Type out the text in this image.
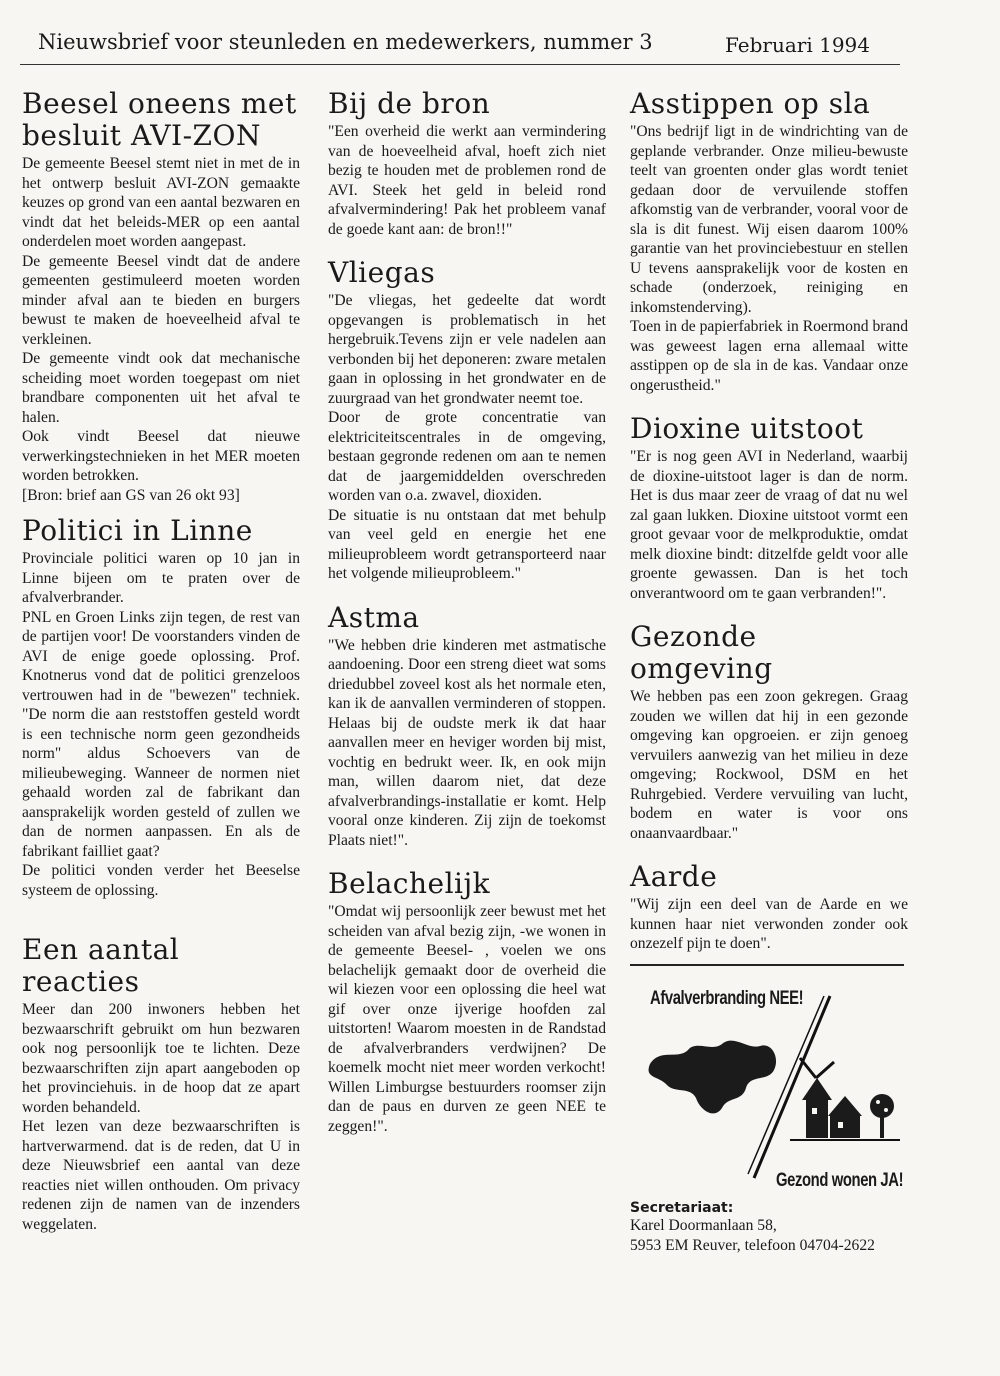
Nieuwsbrief voor steunleden en medewerkers, nummer 3	Februari 1994
Beesel oneens met besluit AVI-ZON

De gemeente Beesel stemt niet in met de in het ontwerp besluit AVI-ZON gemaakte keuzes op grond van een aantal bezwaren en vindt dat het beleids-MER op een aantal onderdelen moet worden aangepast.
De gemeente Beesel vindt dat de andere gemeenten gestimuleerd moeten worden minder afval aan te bieden en burgers bewust te maken de hoeveelheid afval te verkleinen.
De gemeente vindt ook dat mechanische scheiding moet worden toegepast om niet brandbare componenten uit het afval te halen.
Ook vindt Beesel dat nieuwe verwerkingstechnieken in het MER moeten worden betrokken.
[Bron: brief aan GS van 26 okt 93]

Politici in Linne

Provinciale politici waren op 10 jan in Linne bijeen om te praten over de afvalverbrander.
PNL en Groen Links zijn tegen, de rest van de partijen voor! De voorstanders vinden de AVI de enige goede oplossing. Prof. Knotnerus vond dat de politici grenzeloos vertrouwen had in de "bewezen" techniek. "De norm die aan reststoffen gesteld wordt is een technische norm geen gezondheids norm" aldus Schoevers van de milieubeweging. Wanneer de normen niet gehaald worden zal de fabrikant dan aansprakelijk worden gesteld of zullen we dan de normen aanpassen. En als de fabrikant failliet gaat?
De politici vonden verder het Beeselse systeem de oplossing.

Een aantal reacties

Meer dan 200 inwoners hebben het bezwaarschrift gebruikt om hun bezwaren ook nog persoonlijk toe te lichten. Deze bezwaarschriften zijn apart aangeboden op het provinciehuis. in de hoop dat ze apart worden behandeld.
Het lezen van deze bezwaarschriften is hartverwarmend. dat is de reden, dat U in deze Nieuwsbrief een aantal van deze reacties niet willen onthouden. Om privacy redenen zijn de namen van de inzenders weggelaten.

Bij de bron

"Een overheid die werkt aan vermindering van de hoeveelheid afval, hoeft zich niet bezig te houden met de problemen rond de AVI. Steek het geld in beleid rond afvalvermindering! Pak het probleem vanaf de goede kant aan: de bron!!"

Vliegas

"De vliegas, het gedeelte dat wordt opgevangen is problematisch in het hergebruik.Tevens zijn er vele nadelen aan verbonden bij het deponeren: zware metalen gaan in oplossing in het grondwater en de zuurgraad van het grondwater neemt toe.
Door de grote concentratie van elektriciteitscentrales in de omgeving, bestaan gegronde redenen om aan te nemen dat de jaargemiddelden overschreden worden van o.a. zwavel, dioxiden.
De situatie is nu ontstaan dat met behulp van veel geld en energie het ene milieuprobleem wordt getransporteerd naar het volgende milieuprobleem."

Astma

"We hebben drie kinderen met astmatische aandoening. Door een streng dieet wat soms driedubbel zoveel kost als het normale eten, kan ik de aanvallen verminderen of stoppen. Helaas bij de oudste merk ik dat haar aanvallen meer en heviger worden bij mist, vochtig en bedrukt weer. Ik, en ook mijn man, willen daarom niet, dat deze afvalverbrandings-installatie er komt. Help vooral onze kinderen. Zij zijn de toekomst Plaats niet!".

Belachelijk

"Omdat wij persoonlijk zeer bewust met het scheiden van afval bezig zijn, -we wonen in de gemeente Beesel- , voelen we ons belachelijk gemaakt door de overheid die wil kiezen voor een oplossing die heel wat gif over onze ijverige hoofden zal uitstorten! Waarom moesten in de Randstad de afvalverbranders verdwijnen? De koemelk mocht niet meer worden verkocht! Willen Limburgse bestuurders roomser zijn dan de paus en durven ze geen NEE te zeggen!".

Asstippen op sla

"Ons bedrijf ligt in de windrichting van de geplande verbrander. Onze milieu-bewuste teelt van groenten onder glas wordt teniet gedaan door de vervuilende stoffen afkomstig van de verbrander, vooral voor de sla is dit funest. Wij eisen daarom 100% garantie van het provinciebestuur en stellen U tevens aansprakelijk voor de kosten en schade (onderzoek, reiniging en inkomstenderving).
Toen in de papierfabriek in Roermond brand was geweest lagen erna allemaal witte asstippen op de sla in de kas. Vandaar onze ongerustheid."

Dioxine uitstoot

"Er is nog geen AVI in Nederland, waarbij de dioxine-uitstoot lager is dan de norm. Het is dus maar zeer de vraag of dat nu wel zal gaan lukken. Dioxine uitstoot vormt een groot gevaar voor de melkproduktie, omdat melk dioxine bindt: ditzelfde geldt voor alle groente gewassen. Dan is het toch onverantwoord om te gaan verbranden!".

Gezonde omgeving

We hebben pas een zoon gekregen. Graag zouden we willen dat hij in een gezonde omgeving kan opgroeien. er zijn genoeg vervuilers aanwezig van het milieu in deze omgeving; Rockwool, DSM en het Ruhrgebied. Verdere vervuiling van lucht, bodem en water is voor ons onaanvaardbaar."

Aarde

"Wij zijn een deel van de Aarde en we kunnen haar niet verwonden zonder ook onzezelf pijn te doen".

Afvalverbranding NEE!
Gezond wonen JA!
Secretariaat:
Karel Doormanlaan 58,
5953 EM Reuver, telefoon 04704-2622
